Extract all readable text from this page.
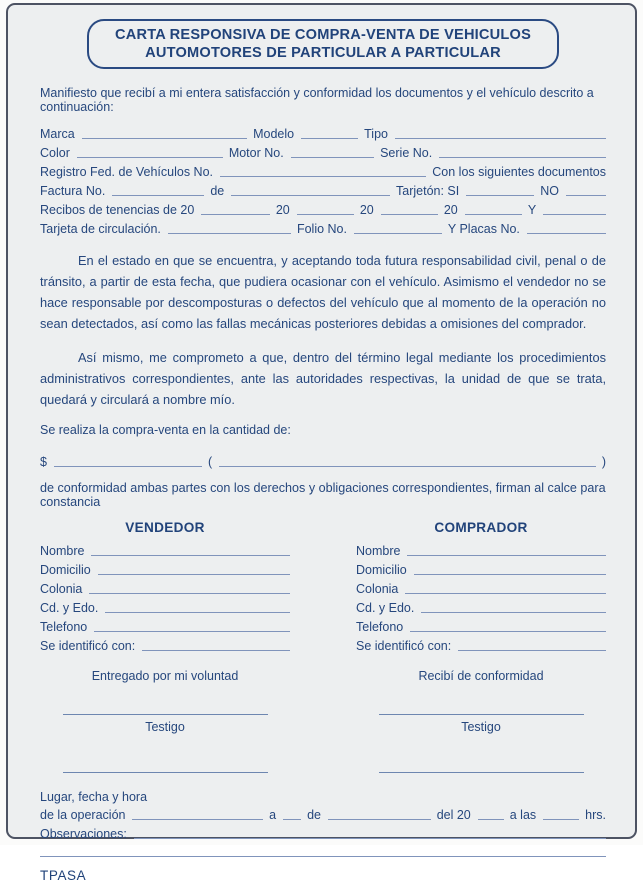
CARTA RESPONSIVA DE COMPRA-VENTA DE VEHICULOS
AUTOMOTORES DE PARTICULAR A PARTICULAR

Manifiesto que recibí a mi entera satisfacción y conformidad los documentos y el vehículo descrito a continuación:

Marca	Modelo	Tipo
Color	Motor No.	Serie No.
Registro Fed. de Vehículos No.	Con los siguientes documentos
Factura No.	de	Tarjetón: SI	NO
Recibos de tenencias de 20	20	20	20	Y
Tarjeta de circulación.	Folio No.	Y Placas No.

En el estado en que se encuentra, y aceptando toda futura responsabilidad civil, penal o de tránsito, a partir de esta fecha, que pudiera ocasionar con el vehículo. Asimismo el vendedor no se hace responsable por descomposturas o defectos del vehículo que al momento de la operación no sean detectados, así como las fallas mecánicas posteriores debidas a omisiones del comprador.

Así mismo, me comprometo a que, dentro del término legal mediante los procedimientos administrativos correspondientes, ante las autoridades respectivas, la unidad de que se trata, quedará y circulará a nombre mío.

Se realiza la compra-venta en la cantidad de:

$	(	)

de conformidad ambas partes con los derechos y obligaciones correspondientes, firman al calce para constancia

VENDEDOR
Nombre
Domicilio
Colonia
Cd. y Edo.
Telefono
Se identificó con:
Entregado por mi voluntad
Testigo
COMPRADOR
Nombre
Domicilio
Colonia
Cd. y Edo.
Telefono
Se identificó con:
Recibí de conformidad
Testigo
Lugar, fecha y hora
de la operación	a de	del 20	a las	hrs.
Observaciones:
TPASA
